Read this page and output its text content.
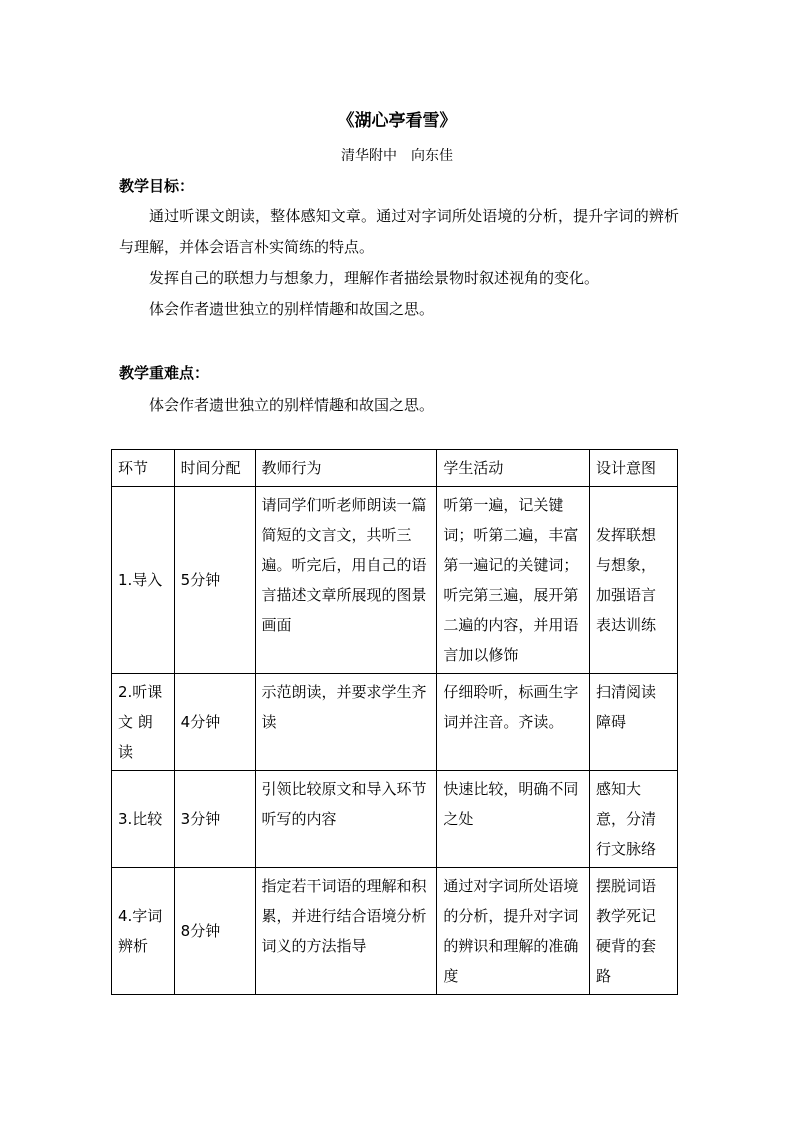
《湖心亭看雪》
清华附中　向东佳
教学目标：
通过听课文朗读，整体感知文章。通过对字词所处语境的分析，提升字词的辨析与理解，并体会语言朴实简练的特点。
发挥自己的联想力与想象力，理解作者描绘景物时叙述视角的变化。
体会作者遗世独立的别样情趣和故国之思。
教学重难点：
体会作者遗世独立的别样情趣和故国之思。
环节	时间分配	教师行为	学生活动	设计意图
1.导入	5分钟	请同学们听老师朗读一篇简短的文言文，共听三遍。听完后，用自己的语言描述文章所展现的图景画面	听第一遍，记关键词；听第二遍，丰富第一遍记的关键词；听完第三遍，展开第二遍的内容，并用语言加以修饰	发挥联想与想象，加强语言表达训练
2.听课文 朗读	4分钟	示范朗读，并要求学生齐读	仔细聆听，标画生字词并注音。齐读。	扫清阅读障碍
3.比较	3分钟	引领比较原文和导入环节听写的内容	快速比较，明确不同之处	感知大意，分清行文脉络
4.字词辨析	8分钟	指定若干词语的理解和积累，并进行结合语境分析词义的方法指导	通过对字词所处语境的分析，提升对字词的辨识和理解的准确度	摆脱词语教学死记硬背的套路
